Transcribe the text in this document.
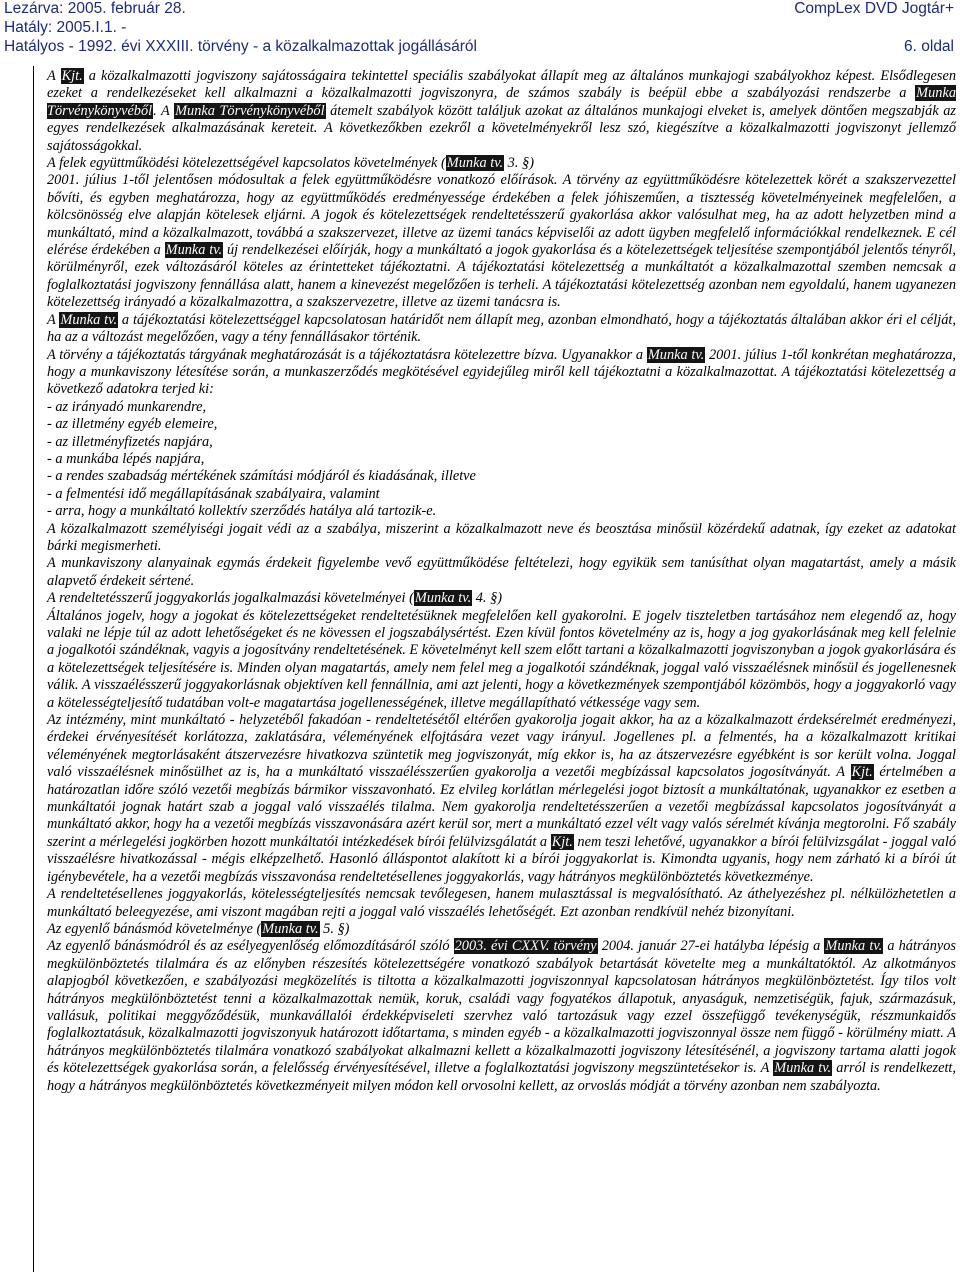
Lezárva: 2005. február 28.
Hatály: 2005.I.1. -
Hatályos - 1992. évi XXXIII. törvény - a közalkalmazottak jogállásáról
CompLex DVD Jogtár+
6. oldal

A Kjt. a közalkalmazotti jogviszony sajátosságaira tekintettel speciális szabályokat állapít meg az általános munkajogi szabályokhoz képest. Elsődlegesen ezeket a rendelkezéseket kell alkalmazni a közalkalmazotti jogviszonyra, de számos szabály is beépül ebbe a szabályozási rendszerbe a Munka Törvénykönyvéből. A Munka Törvénykönyvéből átemelt szabályok között találjuk azokat az általános munkajogi elveket is, amelyek döntően megszabják az egyes rendelkezések alkalmazásának kereteit. A következőkben ezekről a követelményekről lesz szó, kiegészítve a közalkalmazotti jogviszonyt jellemző sajátosságokkal.

A felek együttműködési kötelezettségével kapcsolatos követelmények (Munka tv. 3. §)

2001. július 1-től jelentősen módosultak a felek együttműködésre vonatkozó előírások. A törvény az együttműködésre kötelezettek körét a szakszervezettel bővíti, és egyben meghatározza, hogy az együttműködés eredményessége érdekében a felek jóhiszeműen, a tisztesség követelményeinek megfelelően, a kölcsönösség elve alapján kötelesek eljárni. A jogok és kötelezettségek rendeltetésszerű gyakorlása akkor valósulhat meg, ha az adott helyzetben mind a munkáltató, mind a közalkalmazott, továbbá a szakszervezet, illetve az üzemi tanács képviselői az adott ügyben megfelelő információkkal rendelkeznek. E cél elérése érdekében a Munka tv. új rendelkezései előírják, hogy a munkáltató a jogok gyakorlása és a kötelezettségek teljesítése szempontjából jelentős tényről, körülményről, ezek változásáról köteles az érintetteket tájékoztatni. A tájékoztatási kötelezettség a munkáltatót a közalkalmazottal szemben nemcsak a foglalkoztatási jogviszony fennállása alatt, hanem a kinevezést megelőzően is terheli. A tájékoztatási kötelezettség azonban nem egyoldalú, hanem ugyanezen kötelezettség irányadó a közalkalmazottra, a szakszervezetre, illetve az üzemi tanácsra is.

A Munka tv. a tájékoztatási kötelezettséggel kapcsolatosan határidőt nem állapít meg, azonban elmondható, hogy a tájékoztatás általában akkor éri el célját, ha az a változást megelőzően, vagy a tény fennállásakor történik.

A törvény a tájékoztatás tárgyának meghatározását is a tájékoztatásra kötelezettre bízva. Ugyanakkor a Munka tv. 2001. július 1-től konkrétan meghatározza, hogy a munkaviszony létesítése során, a munkaszerződés megkötésével egyidejűleg miről kell tájékoztatni a közalkalmazottat. A tájékoztatási kötelezettség a következő adatokra terjed ki:

- az irányadó munkarendre,

- az illetmény egyéb elemeire,

- az illetményfizetés napjára,

- a munkába lépés napjára,

- a rendes szabadság mértékének számítási módjáról és kiadásának, illetve

- a felmentési idő megállapításának szabályaira, valamint

- arra, hogy a munkáltató kollektív szerződés hatálya alá tartozik-e.

A közalkalmazott személyiségi jogait védi az a szabálya, miszerint a közalkalmazott neve és beosztása minősül közérdekű adatnak, így ezeket az adatokat bárki megismerheti.

A munkaviszony alanyainak egymás érdekeit figyelembe vevő együttműködése feltételezi, hogy egyikük sem tanúsíthat olyan magatartást, amely a másik alapvető érdekeit sértené.

A rendeltetésszerű joggyakorlás jogalkalmazási követelményei (Munka tv. 4. §)

Általános jogelv, hogy a jogokat és kötelezettségeket rendeltetésüknek megfelelően kell gyakorolni. E jogelv tiszteletben tartásához nem elegendő az, hogy valaki ne lépje túl az adott lehetőségeket és ne kövessen el jogszabálysértést. Ezen kívül fontos követelmény az is, hogy a jog gyakorlásának meg kell felelnie a jogalkotói szándéknak, vagyis a jogosítvány rendeltetésének. E követelményt kell szem előtt tartani a közalkalmazotti jogviszonyban a jogok gyakorlására és a kötelezettségek teljesítésére is. Minden olyan magatartás, amely nem felel meg a jogalkotói szándéknak, joggal való visszaélésnek minősül és jogellenesnek válik. A visszaélésszerű joggyakorlásnak objektíven kell fennállnia, ami azt jelenti, hogy a következmények szempontjából közömbös, hogy a joggyakorló vagy a kötelességteljesítő tudatában volt-e magatartása jogellenességének, illetve megállapítható vétkessége vagy sem.

Az intézmény, mint munkáltató - helyzetéből fakadóan - rendeltetésétől eltérően gyakorolja jogait akkor, ha az a közalkalmazott érdeksérelmét eredményezi, érdekei érvényesítését korlátozza, zaklatására, véleményének elfojtására vezet vagy irányul. Jogellenes pl. a felmentés, ha a közalkalmazott kritikai véleményének megtorlásaként átszervezésre hivatkozva szüntetik meg jogviszonyát, míg ekkor is, ha az átszervezésre egyébként is sor került volna. Joggal való visszaélésnek minősülhet az is, ha a munkáltató visszaélésszerűen gyakorolja a vezetői megbízással kapcsolatos jogosítványát. A Kjt. értelmében a határozatlan időre szóló vezetői megbízás bármikor visszavonható. Ez elvileg korlátlan mérlegelési jogot biztosít a munkáltatónak, ugyanakkor ez esetben a munkáltatói jognak határt szab a joggal való visszaélés tilalma. Nem gyakorolja rendeltetésszerűen a vezetői megbízással kapcsolatos jogosítványát a munkáltató akkor, hogy ha a vezetői megbízás visszavonására azért kerül sor, mert a munkáltató ezzel vélt vagy valós sérelmét kívánja megtorolni. Fő szabály szerint a mérlegelési jogkörben hozott munkáltatói intézkedések bírói felülvizsgálatát a Kjt. nem teszi lehetővé, ugyanakkor a bírói felülvizsgálat - joggal való visszaélésre hivatkozással - mégis elképzelhető. Hasonló álláspontot alakított ki a bírói joggyakorlat is. Kimondta ugyanis, hogy nem zárható ki a bírói út igénybevétele, ha a vezetői megbízás visszavonása rendeltetésellenes joggyakorlás, vagy hátrányos megkülönböztetés következménye.

A rendeltetésellenes joggyakorlás, kötelességteljesítés nemcsak tevőlegesen, hanem mulasztással is megvalósítható. Az áthelyezéshez pl. nélkülözhetetlen a munkáltató beleegyezése, ami viszont magában rejti a joggal való visszaélés lehetőségét. Ezt azonban rendkívül nehéz bizonyítani.

Az egyenlő bánásmód követelménye (Munka tv. 5. §)

Az egyenlő bánásmódról és az esélyegyenlőség előmozdításáról szóló 2003. évi CXXV. törvény 2004. január 27-ei hatályba lépésig a Munka tv. a hátrányos megkülönböztetés tilalmára és az előnyben részesítés kötelezettségére vonatkozó szabályok betartását követelte meg a munkáltatóktól. Az alkotmányos alapjogból következően, e szabályozási megközelítés is tiltotta a közalkalmazotti jogviszonnyal kapcsolatosan hátrányos megkülönböztetést. Így tilos volt hátrányos megkülönböztetést tenni a közalkalmazottak nemük, koruk, családi vagy fogyatékos állapotuk, anyaságuk, nemzetiségük, fajuk, származásuk, vallásuk, politikai meggyőződésük, munkavállalói érdekképviseleti szervhez való tartozásuk vagy ezzel összefüggő tevékenységük, részmunkaidős foglalkoztatásuk, közalkalmazotti jogviszonyuk határozott időtartama, s minden egyéb - a közalkalmazotti jogviszonnyal össze nem függő - körülmény miatt. A hátrányos megkülönböztetés tilalmára vonatkozó szabályokat alkalmazni kellett a közalkalmazotti jogviszony létesítésénél, a jogviszony tartama alatti jogok és kötelezettségek gyakorlása során, a felelősség érvényesítésével, illetve a foglalkoztatási jogviszony megszüntetésekor is. A Munka tv. arról is rendelkezett, hogy a hátrányos megkülönböztetés következményeit milyen módon kell orvosolni kellett, az orvoslás módját a törvény azonban nem szabályozta.
